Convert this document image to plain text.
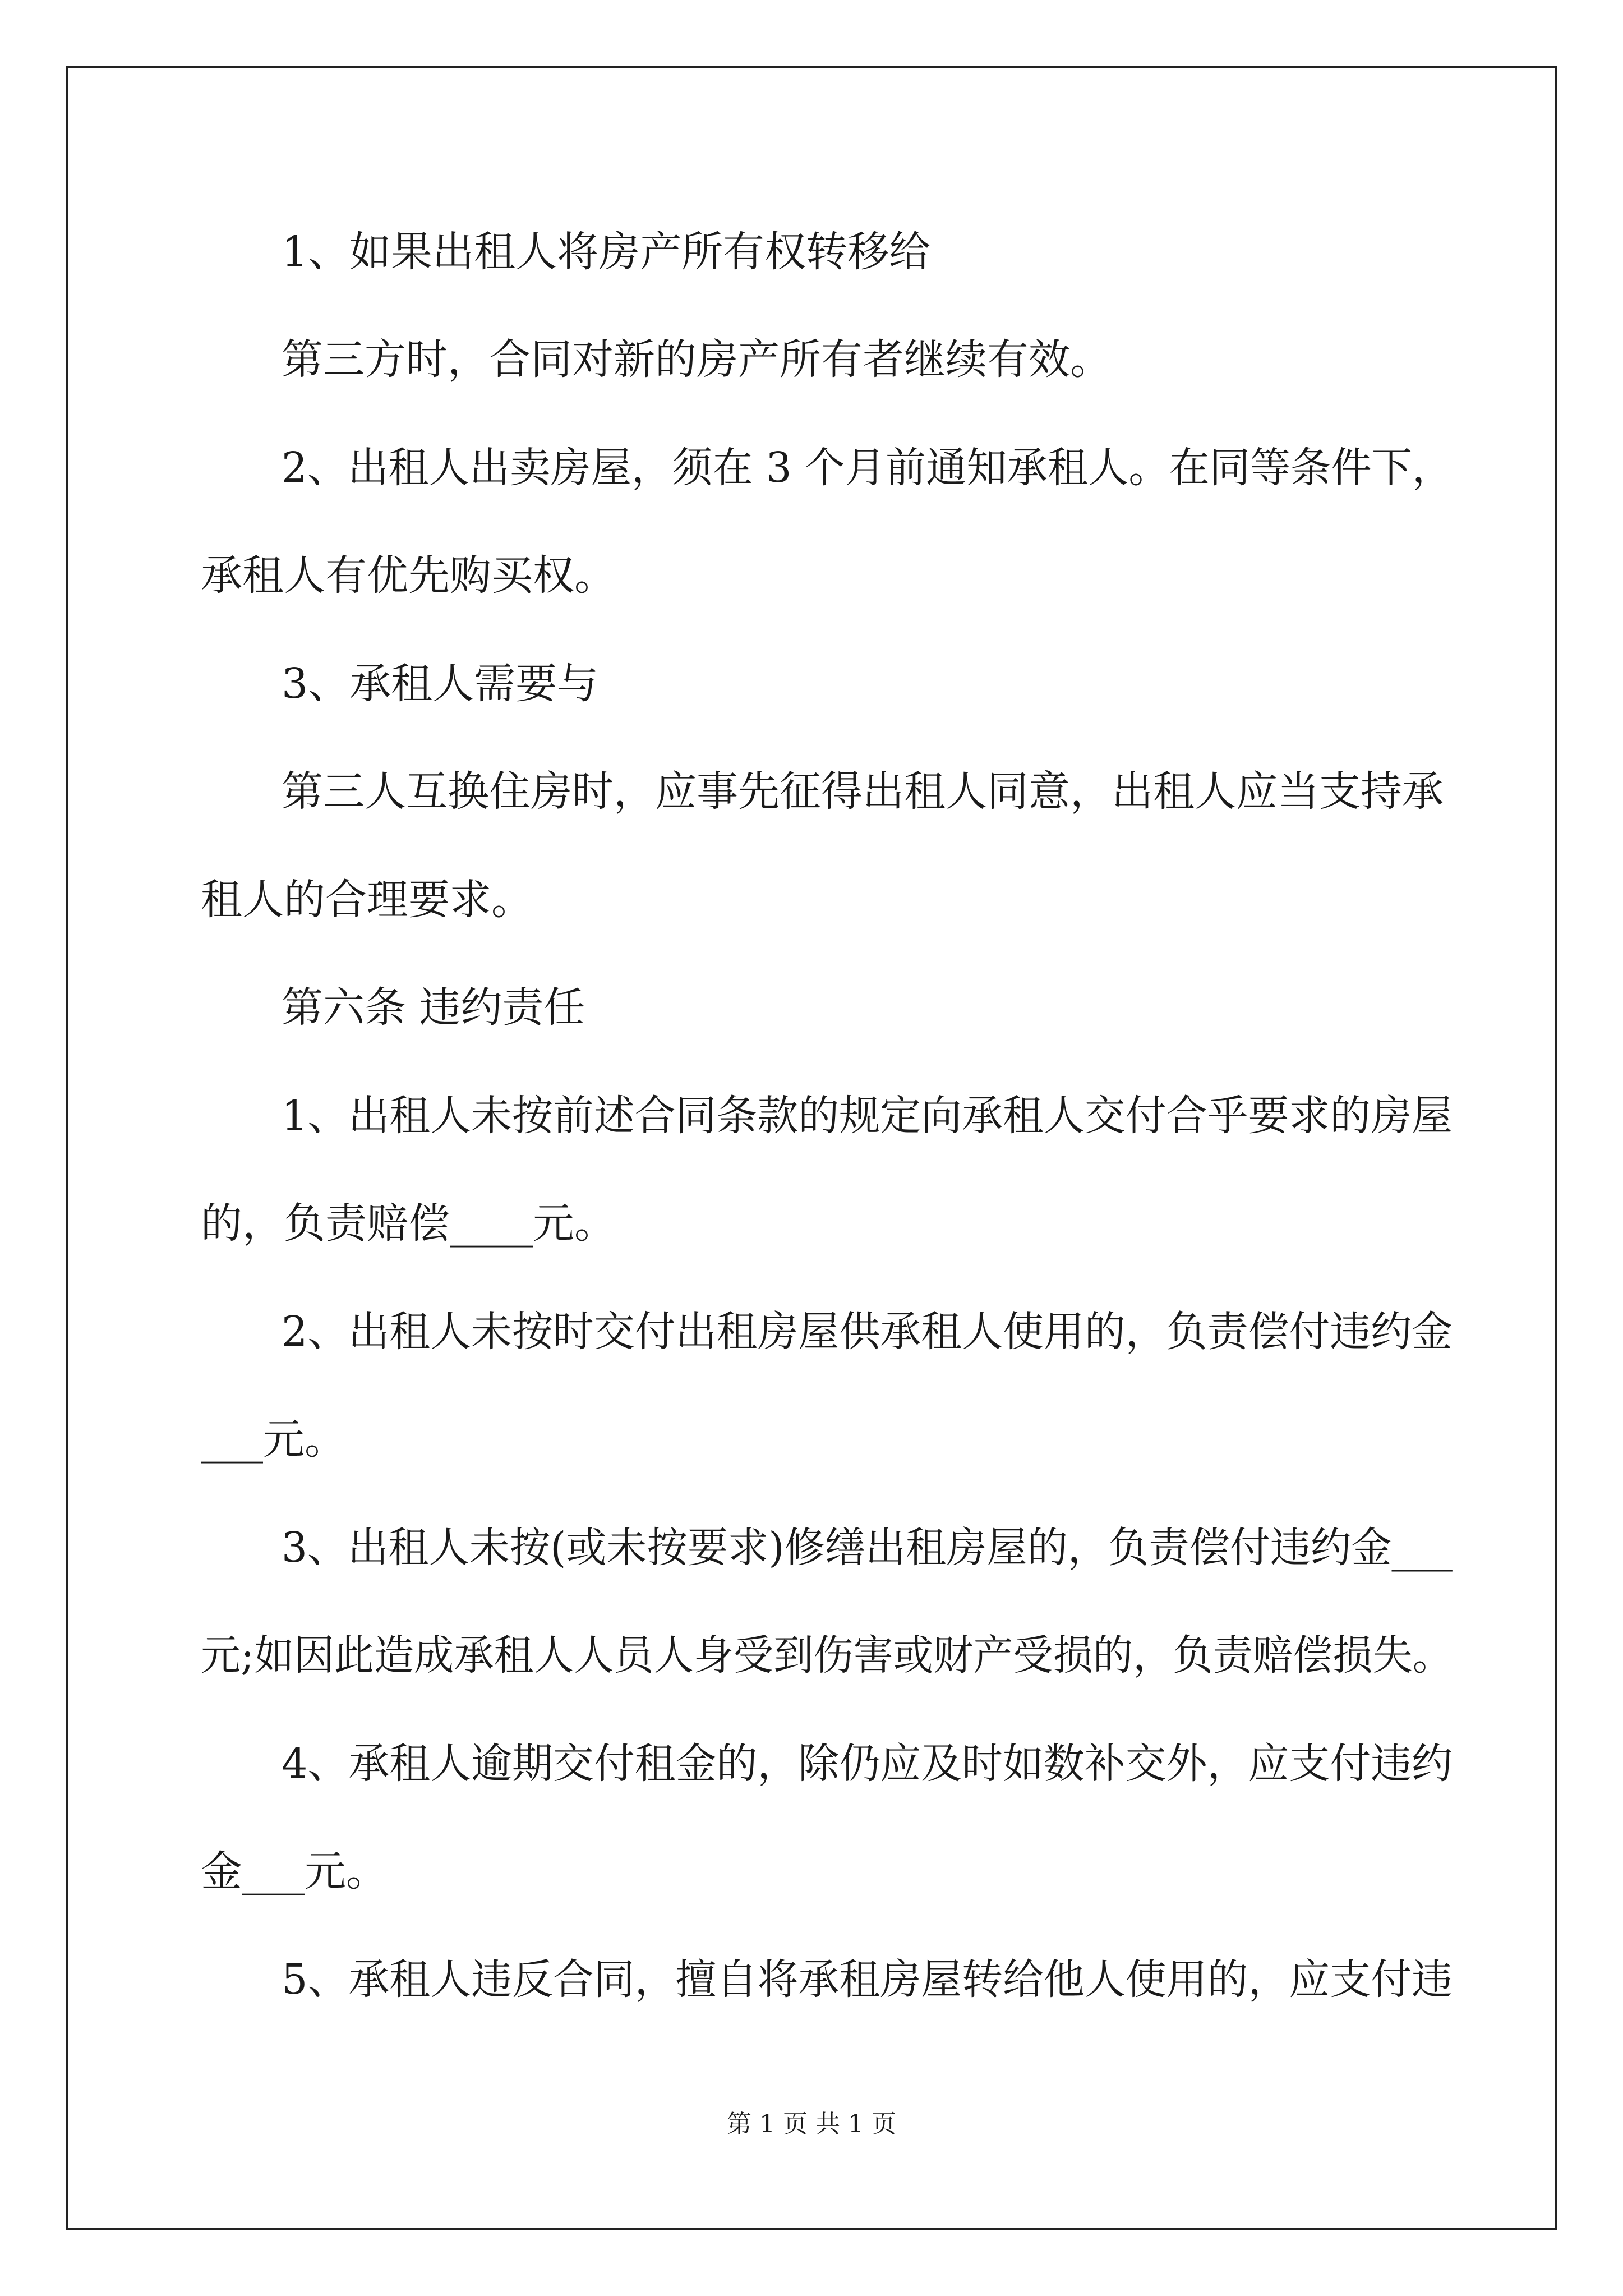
1、如果出租人将房产所有权转移给
第三方时，合同对新的房产所有者继续有效。
2、出租人出卖房屋，须在 3 个月前通知承租人。在同等条件下，
承租人有优先购买权。
3、承租人需要与
第三人互换住房时，应事先征得出租人同意，出租人应当支持承
租人的合理要求。
第六条 违约责任
1、出租人未按前述合同条款的规定向承租人交付合乎要求的房屋
的，负责赔偿____元。
2、出租人未按时交付出租房屋供承租人使用的，负责偿付违约金
___元。
3、出租人未按(或未按要求)修缮出租房屋的，负责偿付违约金___
元;如因此造成承租人人员人身受到伤害或财产受损的，负责赔偿损失。
4、承租人逾期交付租金的，除仍应及时如数补交外，应支付违约
金___元。
5、承租人违反合同，擅自将承租房屋转给他人使用的，应支付违
第 1 页 共 1 页
